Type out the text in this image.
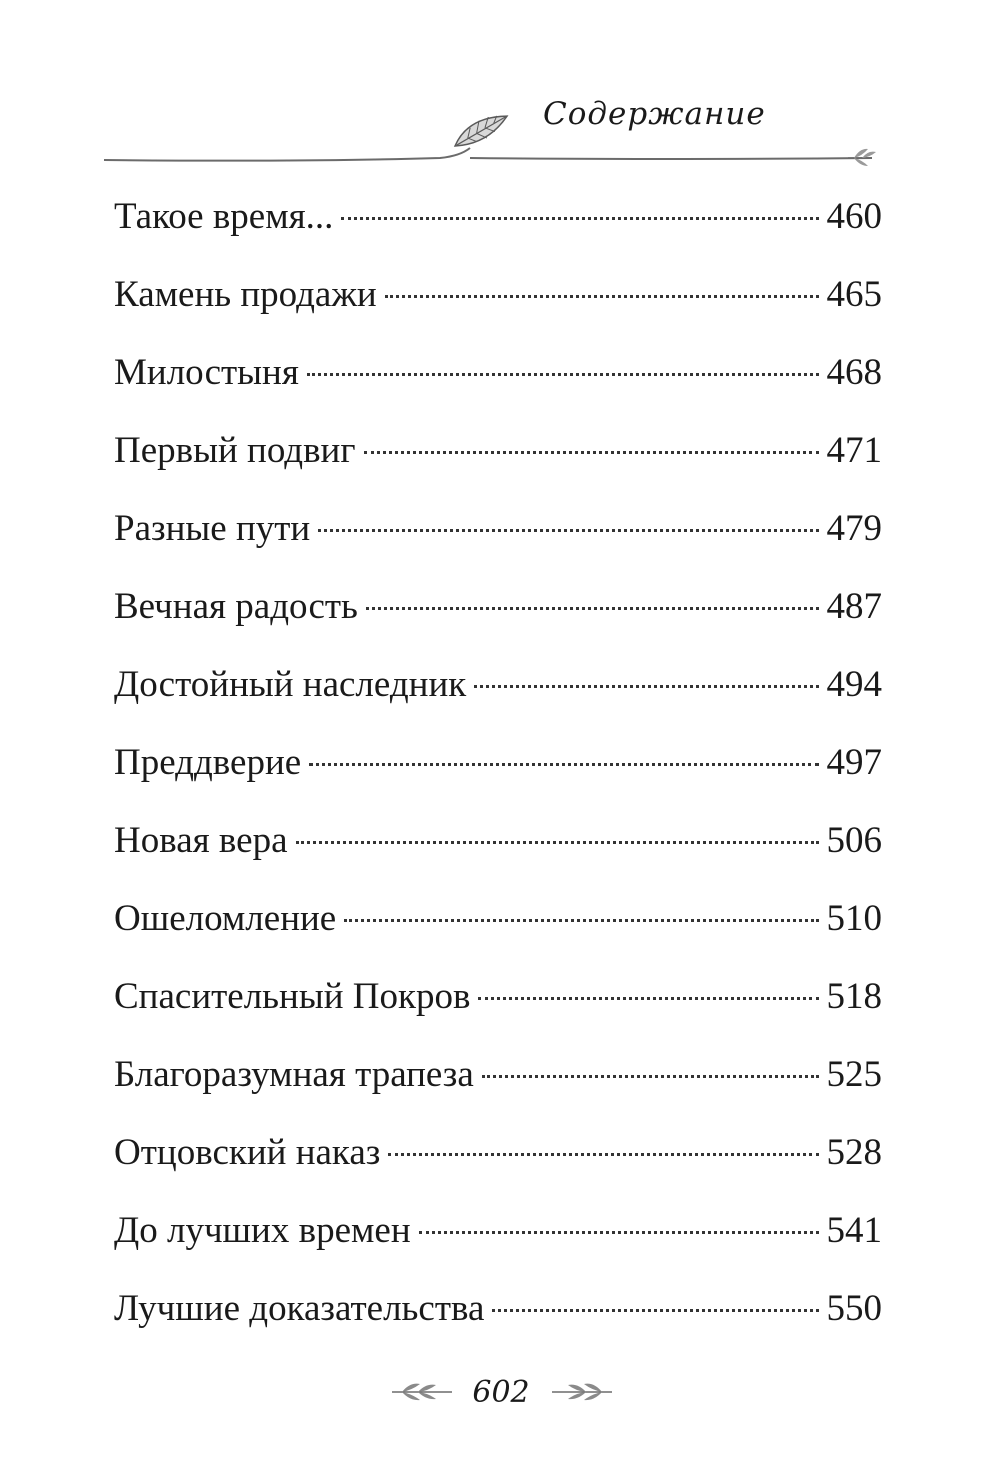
Содержание
Такое время...	460
Камень продажи	465
Милостыня	468
Первый подвиг	471
Разные пути	479
Вечная радость	487
Достойный наследник	494
Преддверие	497
Новая вера	506
Ошеломление	510
Спасительный Покров	518
Благоразумная трапеза	525
Отцовский наказ	528
До лучших времен	541
Лучшие доказательства	550
602
